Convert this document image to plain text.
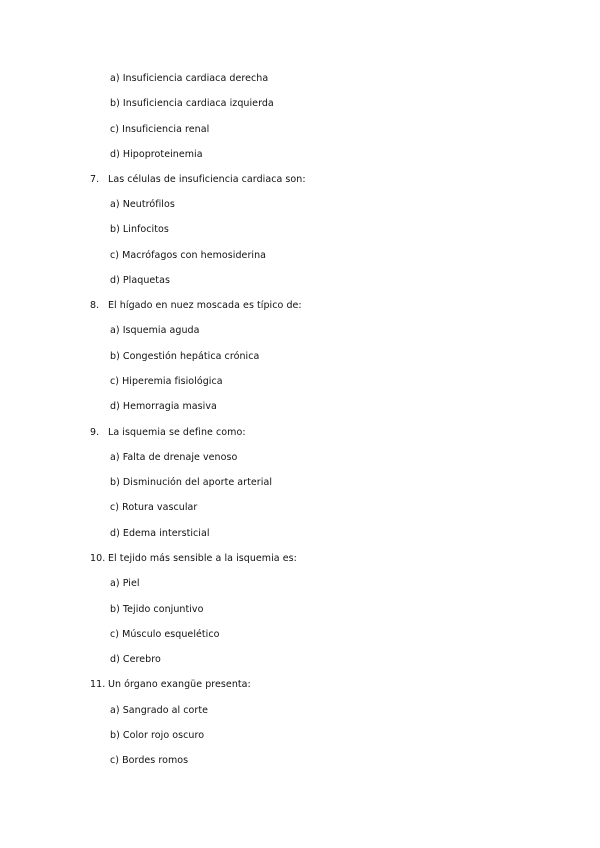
a) Insuficiencia cardiaca derecha
b) Insuficiencia cardiaca izquierda
c) Insuficiencia renal
d) Hipoproteinemia
7. Las células de insuficiencia cardiaca son:
a) Neutrófilos
b) Linfocitos
c) Macrófagos con hemosiderina
d) Plaquetas
8. El hígado en nuez moscada es típico de:
a) Isquemia aguda
b) Congestión hepática crónica
c) Hiperemia fisiológica
d) Hemorragia masiva
9. La isquemia se define como:
a) Falta de drenaje venoso
b) Disminución del aporte arterial
c) Rotura vascular
d) Edema intersticial
10. El tejido más sensible a la isquemia es:
a) Piel
b) Tejido conjuntivo
c) Músculo esquelético
d) Cerebro
11. Un órgano exangüe presenta:
a) Sangrado al corte
b) Color rojo oscuro
c) Bordes romos
